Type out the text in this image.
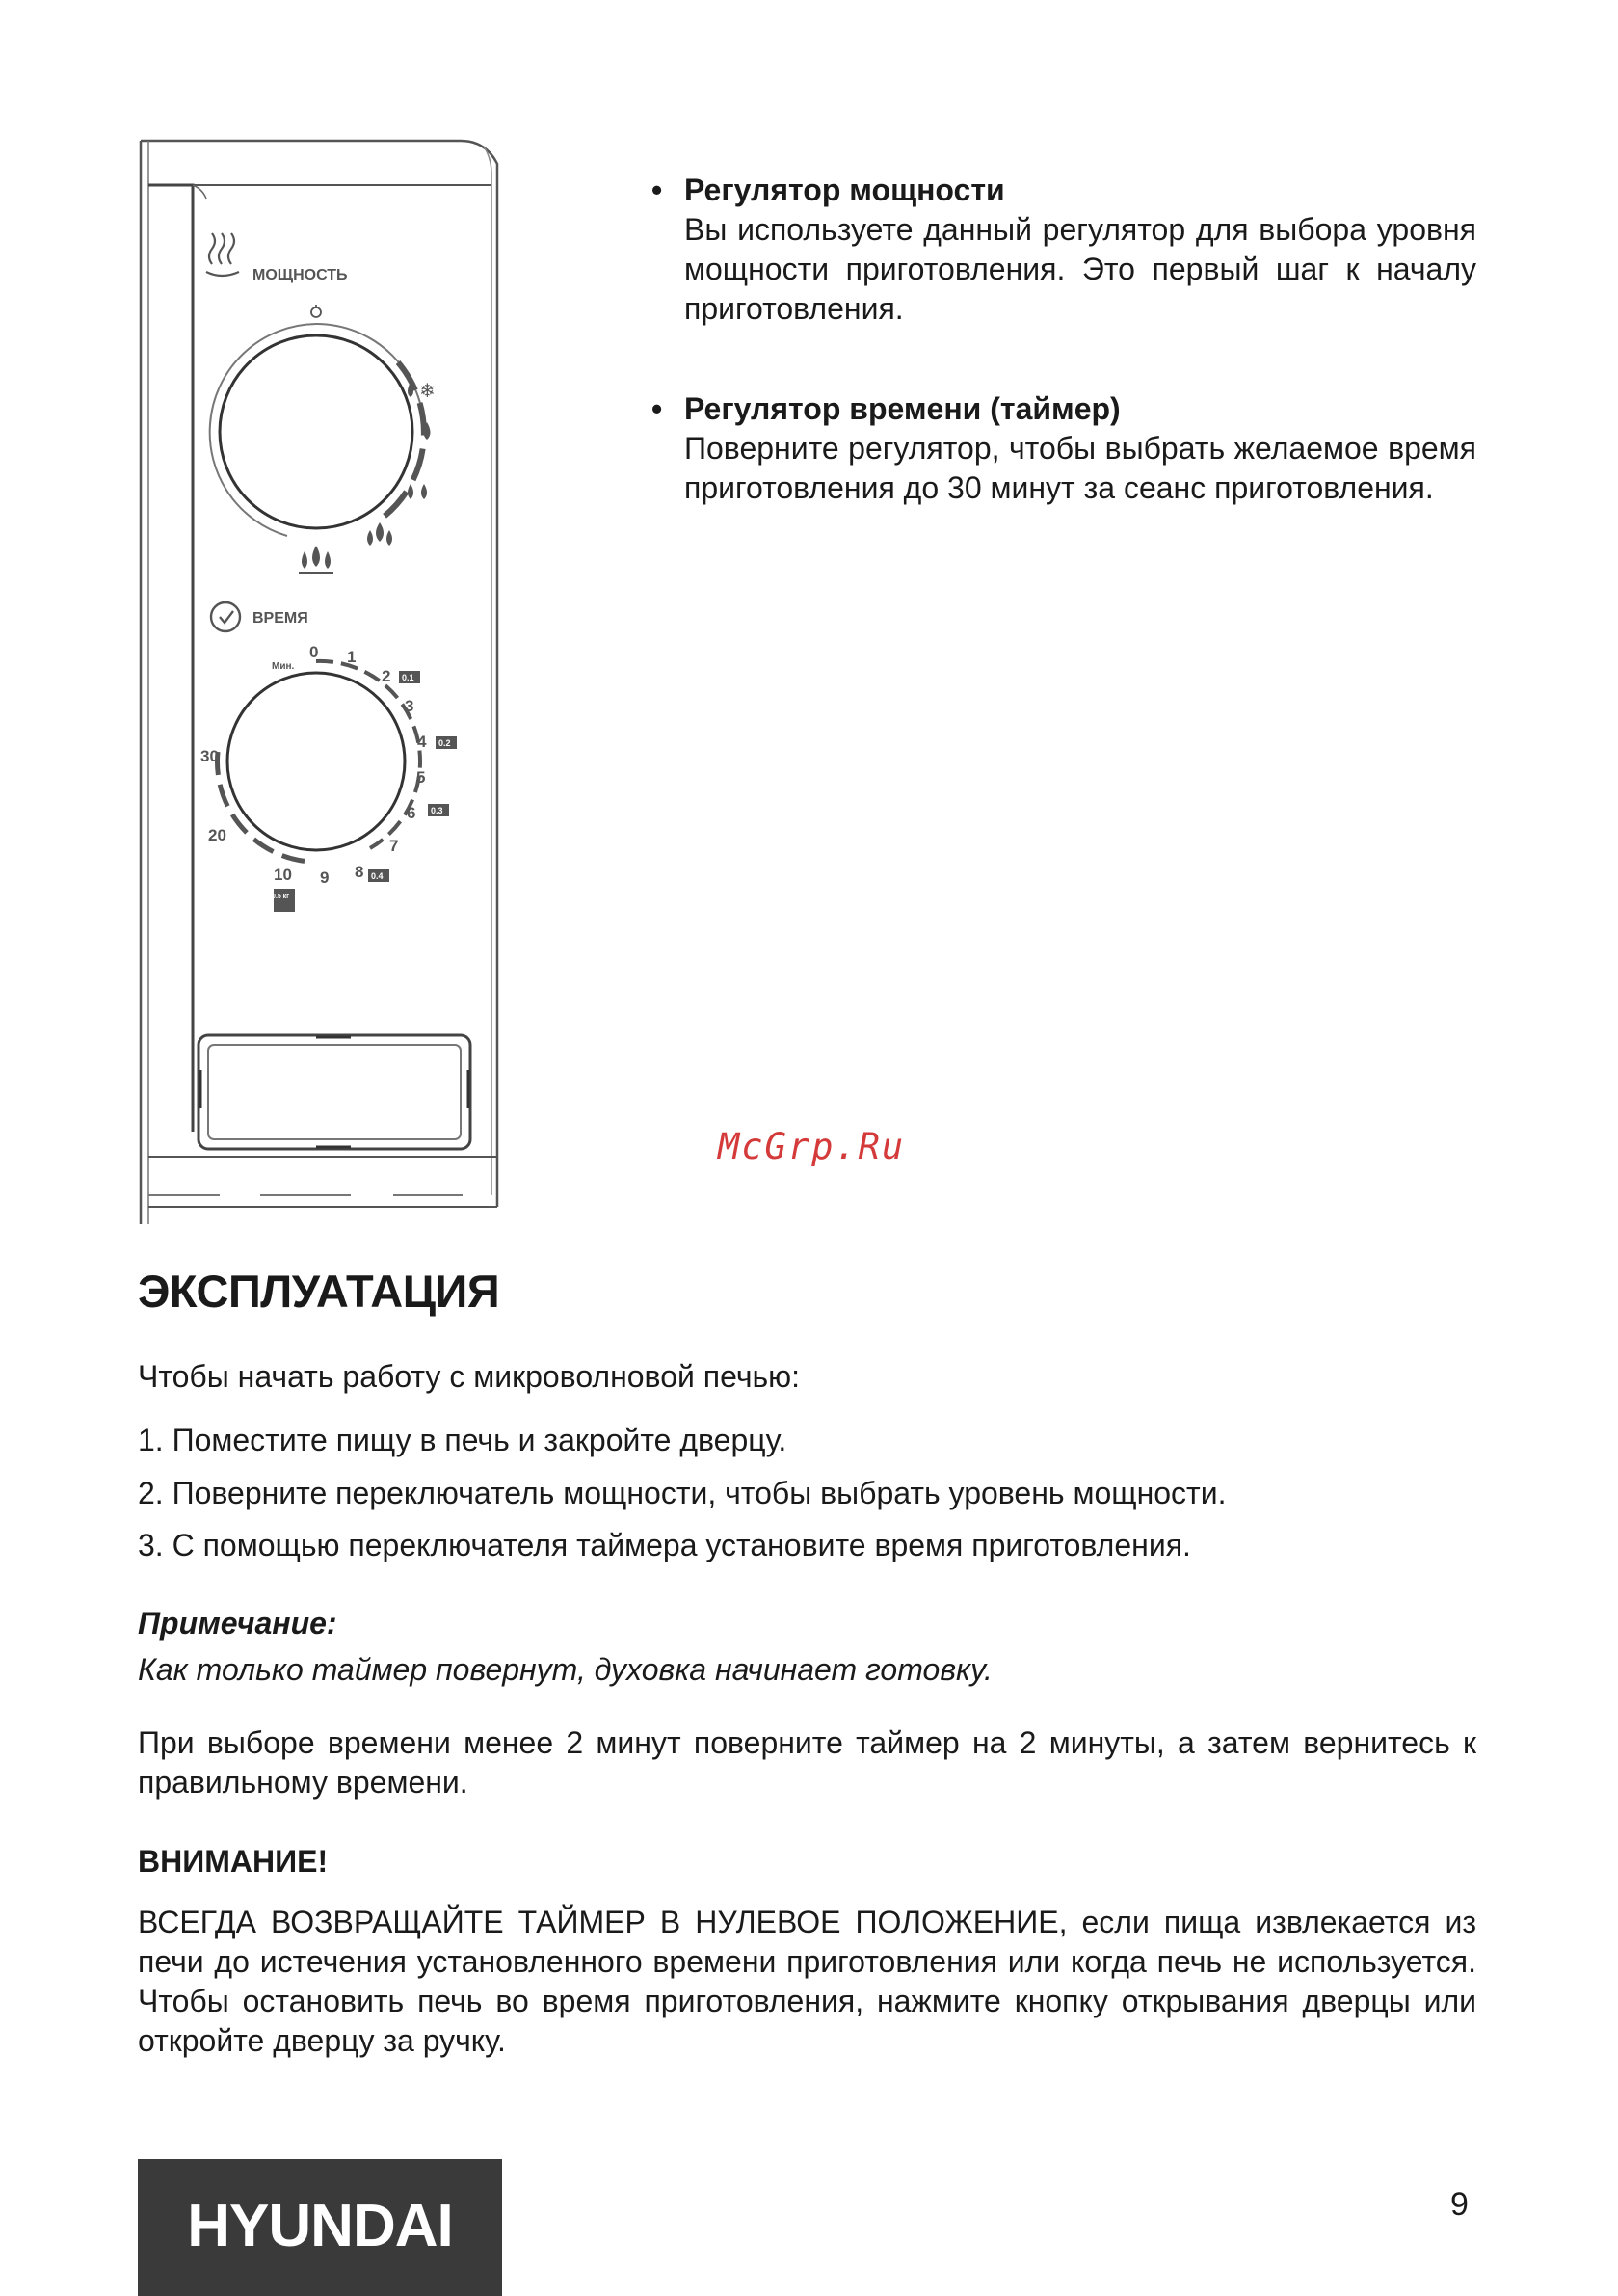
МОЩНОСТЬ
❄
ВРЕМЯ
Мин.
0 1
2
3
4
5
6
7
8
9
10
20
30
0.1
0.2
0.3
0.4
0.5 кг
• Регулятор мощности
Вы используете данный регулятор для выбора уровня мощности приготовления. Это первый шаг к началу приготовления.
• Регулятор времени (таймер)
Поверните регулятор, чтобы выбрать желаемое время приготовления до 30 минут за сеанс приготовления.
McGrp.Ru
ЭКСПЛУАТАЦИЯ
Чтобы начать работу с микроволновой печью:
1. Поместите пищу в печь и закройте дверцу.
2. Поверните переключатель мощности, чтобы выбрать уровень мощности.
3. С помощью переключателя таймера установите время приготовления.
Примечание:
Как только таймер повернут, духовка начинает готовку.
При выборе времени менее 2 минут поверните таймер на 2 минуты, а затем вернитесь к правильному времени.
ВНИМАНИЕ!
ВСЕГДА ВОЗВРАЩАЙТЕ ТАЙМЕР В НУЛЕВОЕ ПОЛОЖЕНИЕ, если пища извлекается из печи до истечения установленного времени приготовления или когда печь не используется. Чтобы остановить печь во время приготовления, нажмите кнопку открывания дверцы или откройте дверцу за ручку.
HYUNDAI	9
